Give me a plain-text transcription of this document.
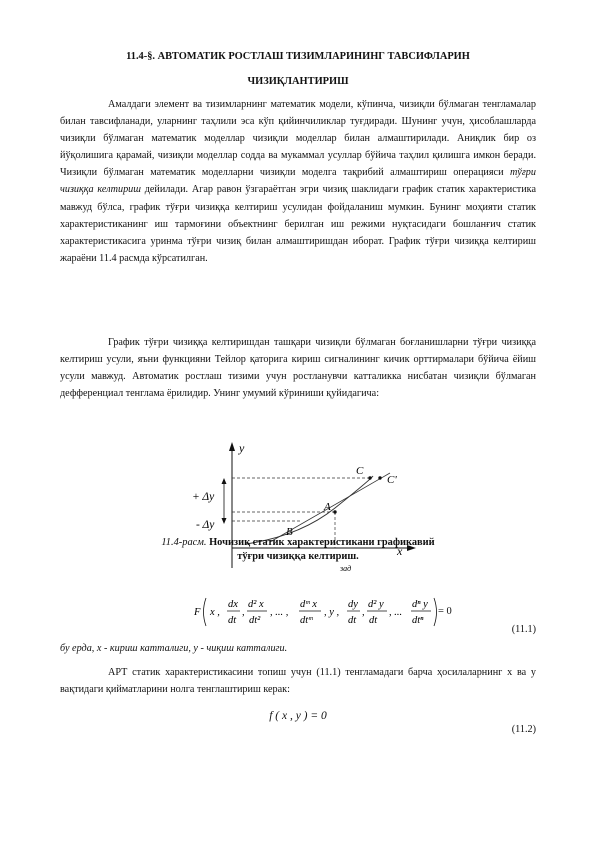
11.4-§. АВТОМАТИК РОСТЛАШ ТИЗИМЛАРИНИНГ ТАВСИФЛАРИН
ЧИЗИҚЛАНТИРИШ
Амалдаги элемент ва тизимларнинг математик модели, кўпинча, чизиқли бўлмаган тенгламалар билан тавсифланади, уларнинг таҳлили эса кўп қийинчиликлар туғдиради. Шунинг учун, ҳисоблашларда чизиқли бўлмаган математик моделлар чизиқли моделлар билан алмаштирилади. Аниқлик бир оз йўқолишига қарамай, чизиқли моделлар содда ва мукаммал усуллар бўйича таҳлил қилишга имкон беради. Чизиқли бўлмаган математик моделларни чизиқли моделга тақрибий алмаштириш операцияси тўғри чизиққа келтириш дейилади. Агар равон ўзгараётган эгри чизиқ шаклидаги график статик характеристика мавжуд бўлса, график тўғри чизиққа келтириш усулидан фойдаланиш мумкин. Бунинг моҳияти статик характеристиканинг иш тармоғини объектнинг берилган иш режими нуқтасидаги бошланғич статик характеристикасига уринма тўғри чизиқ билан алмаштиришдан иборат. График тўғри чизиққа келтириш жараёни 11.4 расмда кўрсатилган.
График тўғри чизиққа келтиришдан ташқари чизиқли бўлмаган боғланишларни тўғри чизиққа келтириш усули, яъни функцияни Тейлор қаторига кириш сигналининг кичик орттирмалари бўйича ёйиш усули мавжуд. Автоматик ростлаш тизими учун ростланувчи катталикка нисбатан чизиқли бўлмаган дефференциал тенглама ёрилидир. Унинг умумий кўриниши қуйидагича:
y
x
+ Δy
- Δy
A
B
C
C'
зад
11.4-расм. Ночизиқ статик характеристикани графикавий
тўғри чизиққа келтириш.
F x ,
dx
dt
,
d² x
dt²
, ... ,
dᵐ x
dtᵐ
, y ,
dy
dt
,
d² y
dt
, ...
dⁿ y
dtⁿ
= 0
(11.1)
бу ерда, x - кириш катталиги, y - чиқиш катталиги.
АРТ статик характеристикасини топиш учун (11.1) тенгламадаги барча ҳосилаларнинг x ва y вақтидаги қийматларини нолга тенглаштириш керак:
f ( x , y ) = 0
(11.2)
